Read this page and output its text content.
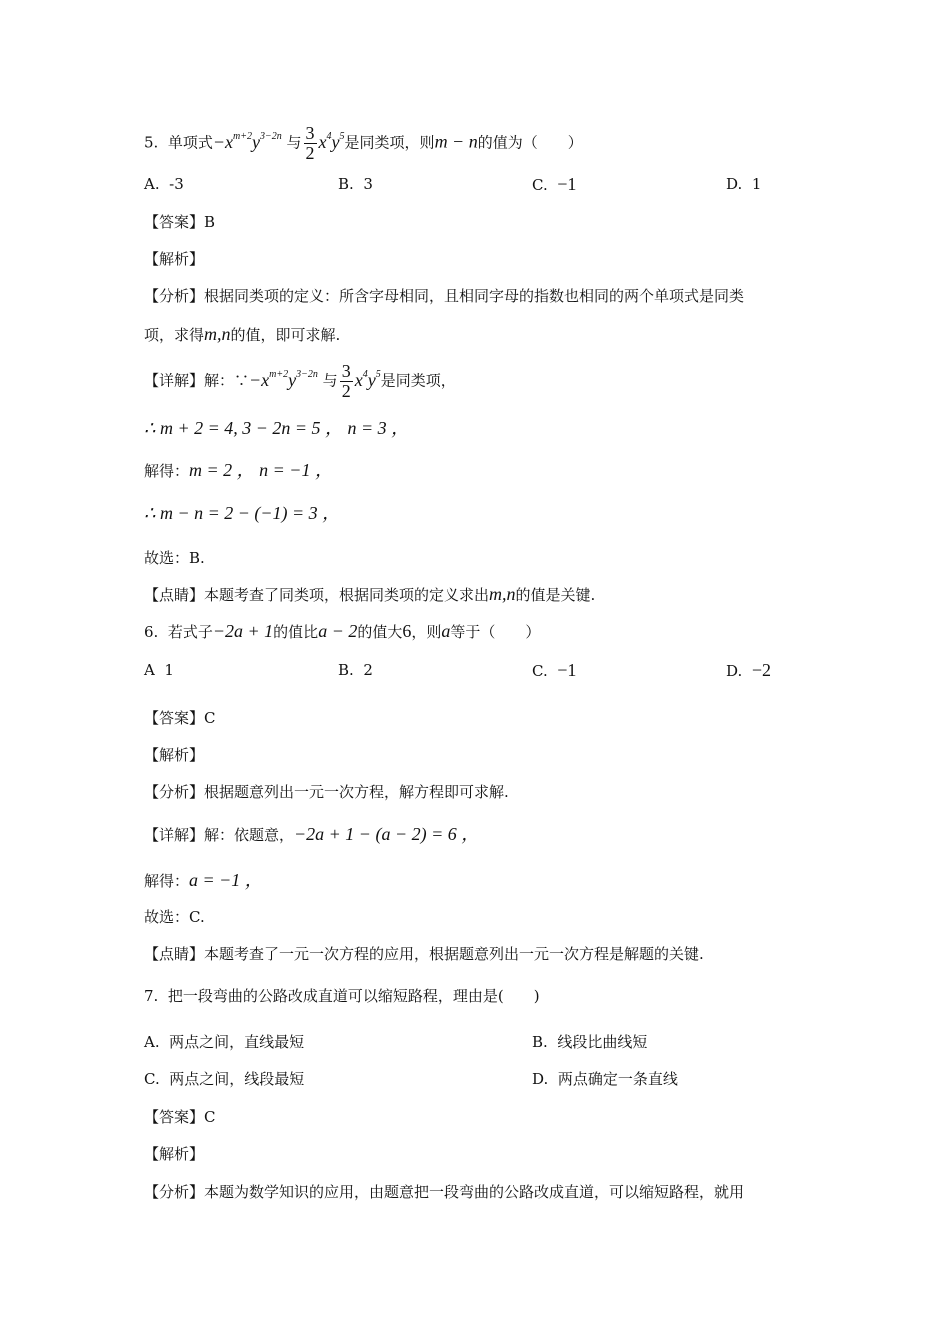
5. 单项式$-x^{m+2}y^{3-2n}$ 与 $\frac{3}{2} x^4y^5$是同类项，则m − n的值为（　　）
A. -3	B. 3	C. −1	D. 1
【答案】B
【解析】
【分析】根据同类项的定义：所含字母相同，且相同字母的指数也相同的两个单项式是同类
项，求得m,n的值，即可求解.
【详解】解：$\because-x^{m+2}y^{3-2n}$ 与 $\frac{3}{2} x^4y^5$是同类项，
∴ m + 2 = 4, 3 − 2n = 5 ， n = 3 ，
解得：m = 2 ， n = −1 ，
∴ m − n = 2 − (−1) = 3 ，
故选：B.
【点睛】本题考查了同类项，根据同类项的定义求出m,n的值是关键.
6. 若式子−2a + 1的值比a − 2的值大6，则a等于（　　）
A 1	B. 2	C. −1	D. −2
【答案】C
【解析】
【分析】根据题意列出一元一次方程，解方程即可求解.
【详解】解：依题意，−2a + 1 − (a − 2) = 6 ，
解得：a = −1 ，
故选：C.
【点睛】本题考查了一元一次方程的应用，根据题意列出一元一次方程是解题的关键.
7. 把一段弯曲的公路改成直道可以缩短路程，理由是(　　)
A. 两点之间，直线最短	B. 线段比曲线短
C. 两点之间，线段最短	D. 两点确定一条直线
【答案】C
【解析】
【分析】本题为数学知识的应用，由题意把一段弯曲的公路改成直道，可以缩短路程，就用
